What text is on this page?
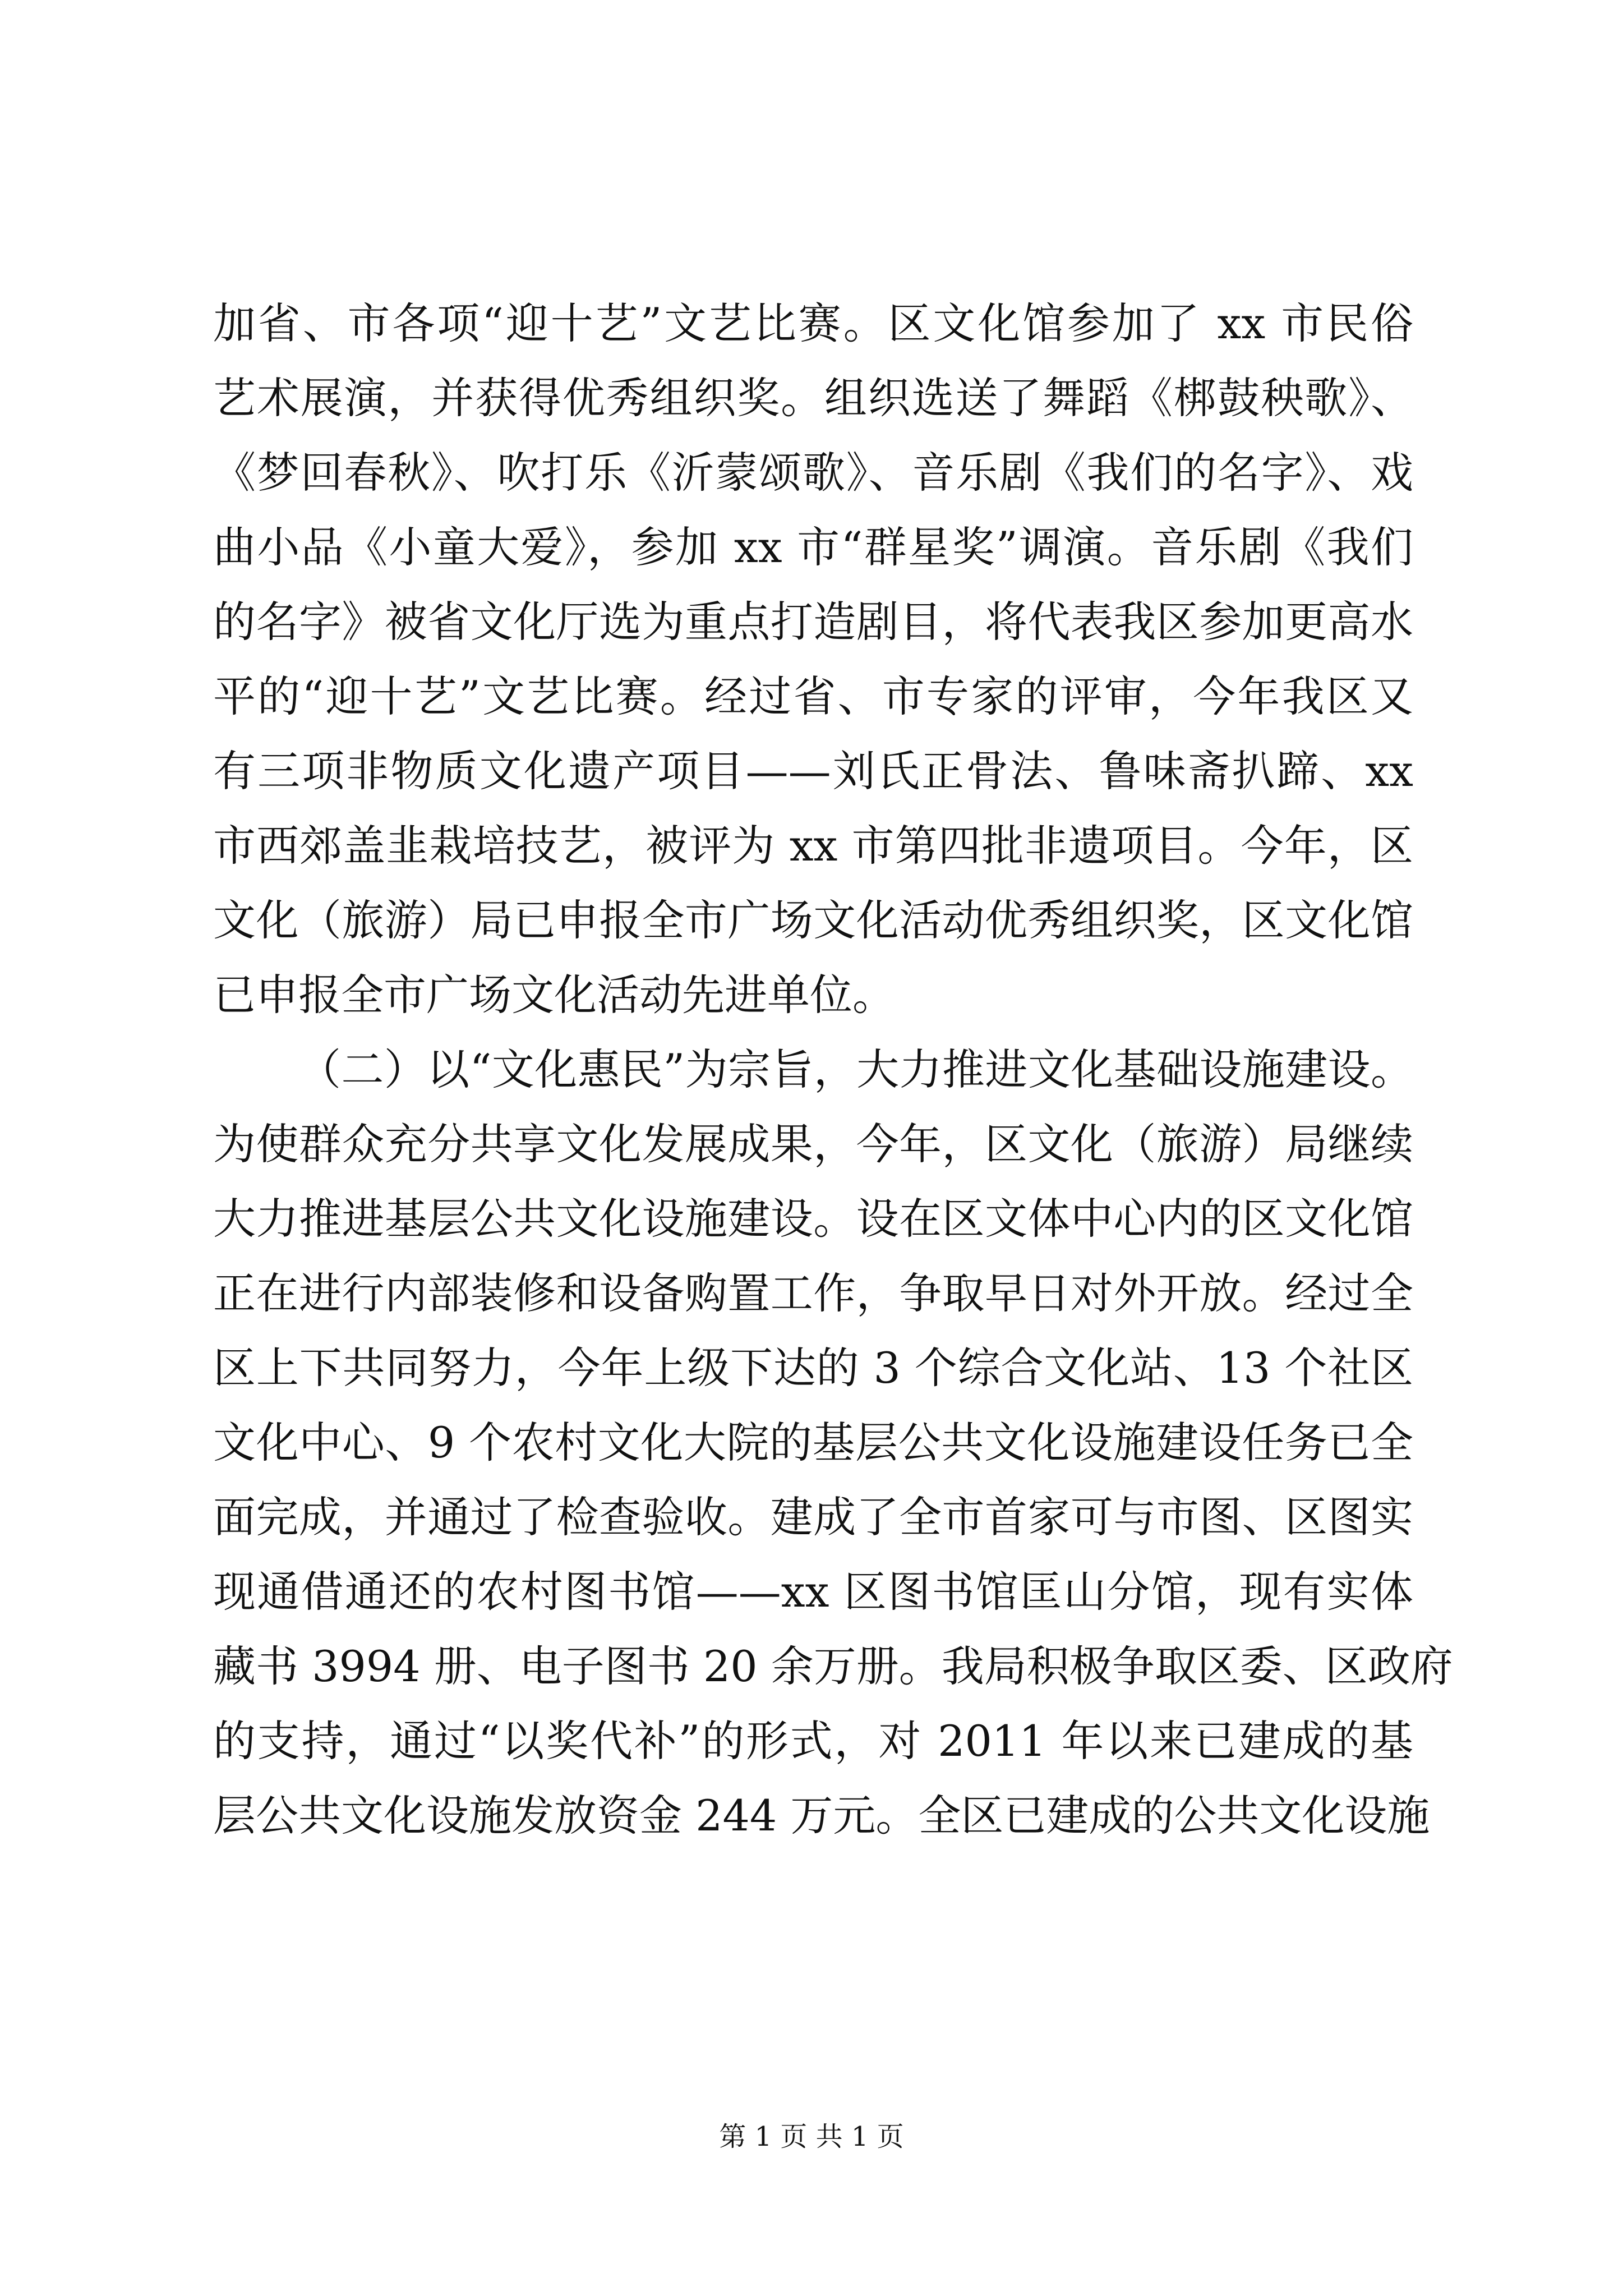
加省、市各项“迎十艺”文艺比赛。区文化馆参加了 xx 市民俗
艺术展演，并获得优秀组织奖。组织选送了舞蹈《梆鼓秧歌》、
《梦回春秋》、吹打乐《沂蒙颂歌》、音乐剧《我们的名字》、戏
曲小品《小童大爱》，参加 xx 市“群星奖”调演。音乐剧《我们
的名字》被省文化厅选为重点打造剧目，将代表我区参加更高水
平的“迎十艺”文艺比赛。经过省、市专家的评审，今年我区又
有三项非物质文化遗产项目——刘氏正骨法、鲁味斋扒蹄、xx
市西郊盖韭栽培技艺，被评为 xx 市第四批非遗项目。今年，区
文化（旅游）局已申报全市广场文化活动优秀组织奖，区文化馆
已申报全市广场文化活动先进单位。
（二）以“文化惠民”为宗旨，大力推进文化基础设施建设。
为使群众充分共享文化发展成果，今年，区文化（旅游）局继续
大力推进基层公共文化设施建设。设在区文体中心内的区文化馆
正在进行内部装修和设备购置工作，争取早日对外开放。经过全
区上下共同努力，今年上级下达的 3 个综合文化站、13 个社区
文化中心、9 个农村文化大院的基层公共文化设施建设任务已全
面完成，并通过了检查验收。建成了全市首家可与市图、区图实
现通借通还的农村图书馆——xx 区图书馆匡山分馆，现有实体
藏书 3994 册、电子图书 20 余万册。我局积极争取区委、区政府
的支持，通过“以奖代补”的形式，对 2011 年以来已建成的基
层公共文化设施发放资金 244 万元。全区已建成的公共文化设施
第 1 页 共 1 页
